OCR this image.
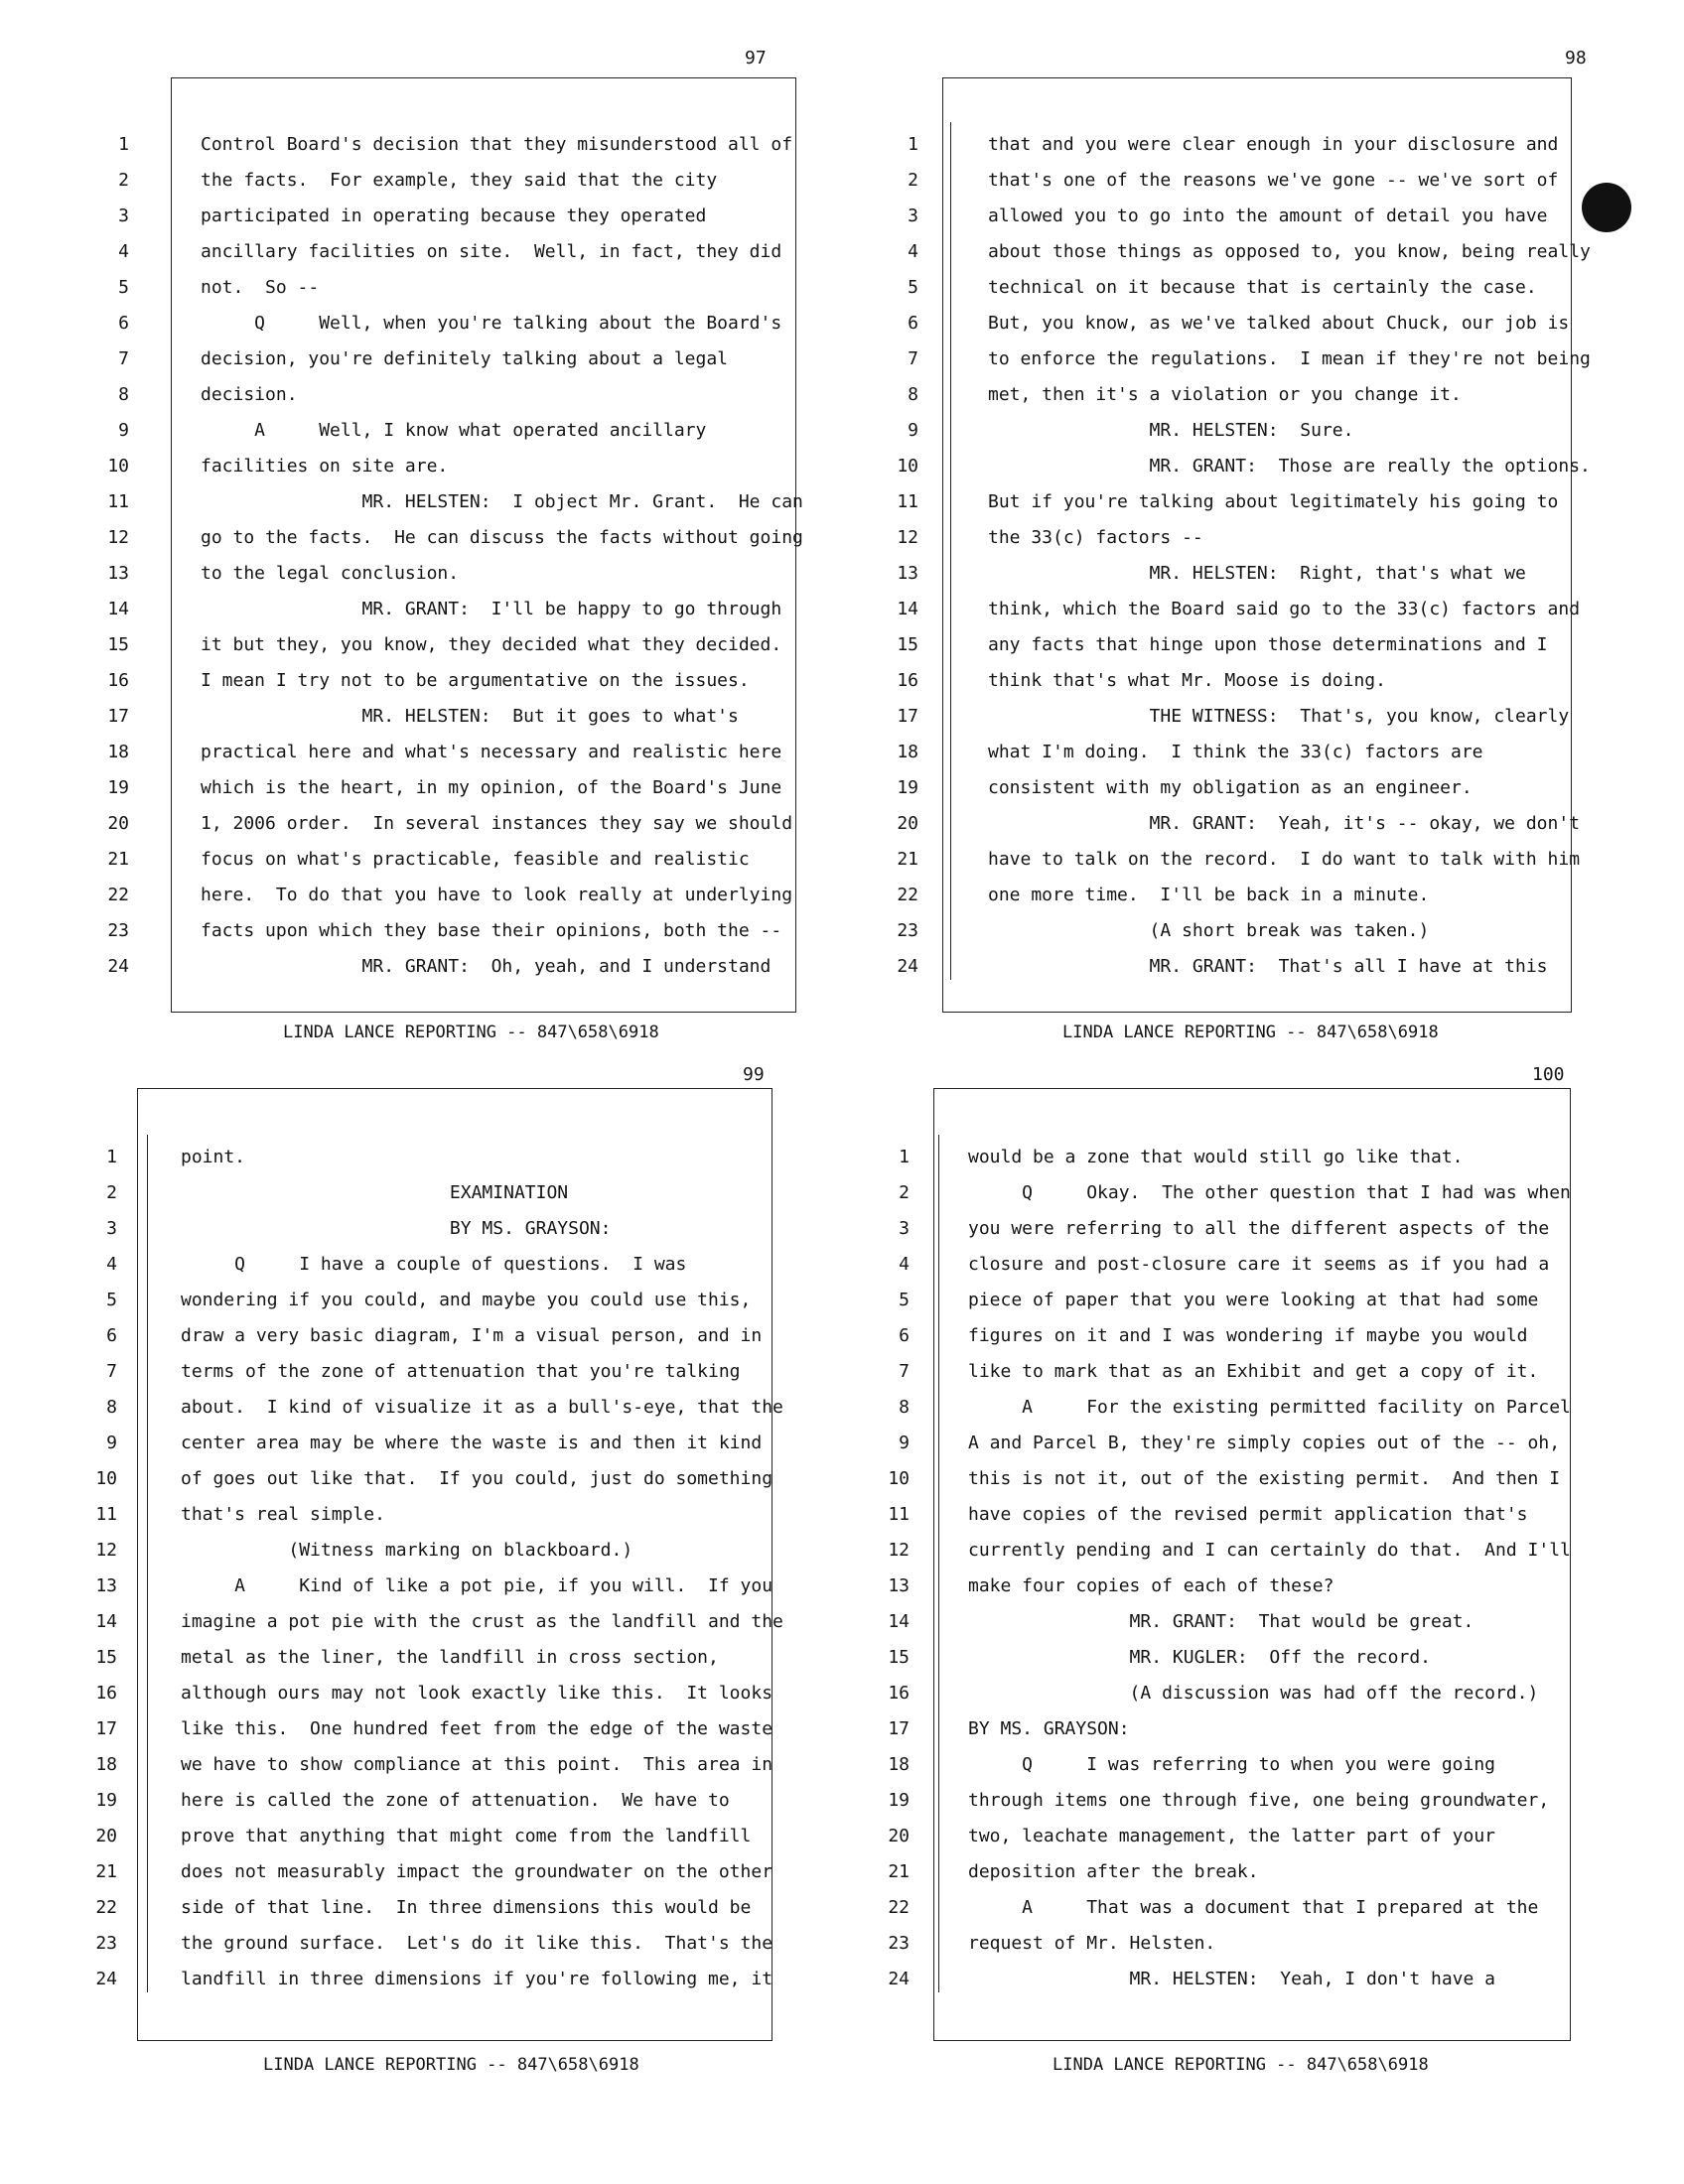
97
1	Control Board's decision that they misunderstood all of
2	the facts.  For example, they said that the city
3	participated in operating because they operated
4	ancillary facilities on site.  Well, in fact, they did
5	not.  So --
6	Q     Well, when you're talking about the Board's
7	decision, you're definitely talking about a legal
8	decision.
9	A     Well, I know what operated ancillary
10	facilities on site are.
11	MR. HELSTEN:  I object Mr. Grant.  He can
12	go to the facts.  He can discuss the facts without going
13	to the legal conclusion.
14	MR. GRANT:  I'll be happy to go through
15	it but they, you know, they decided what they decided.
16	I mean I try not to be argumentative on the issues.
17	MR. HELSTEN:  But it goes to what's
18	practical here and what's necessary and realistic here
19	which is the heart, in my opinion, of the Board's June
20	1, 2006 order.  In several instances they say we should
21	focus on what's practicable, feasible and realistic
22	here.  To do that you have to look really at underlying
23	facts upon which they base their opinions, both the --
24	MR. GRANT:  Oh, yeah, and I understand
LINDA LANCE REPORTING -- 847\658\6918
98
1	that and you were clear enough in your disclosure and
2	that's one of the reasons we've gone -- we've sort of
3	allowed you to go into the amount of detail you have
4	about those things as opposed to, you know, being really
5	technical on it because that is certainly the case.
6	But, you know, as we've talked about Chuck, our job is
7	to enforce the regulations.  I mean if they're not being
8	met, then it's a violation or you change it.
9	MR. HELSTEN:  Sure.
10	MR. GRANT:  Those are really the options.
11	But if you're talking about legitimately his going to
12	the 33(c) factors --
13	MR. HELSTEN:  Right, that's what we
14	think, which the Board said go to the 33(c) factors and
15	any facts that hinge upon those determinations and I
16	think that's what Mr. Moose is doing.
17	THE WITNESS:  That's, you know, clearly
18	what I'm doing.  I think the 33(c) factors are
19	consistent with my obligation as an engineer.
20	MR. GRANT:  Yeah, it's -- okay, we don't
21	have to talk on the record.  I do want to talk with him
22	one more time.  I'll be back in a minute.
23	(A short break was taken.)
24	MR. GRANT:  That's all I have at this
LINDA LANCE REPORTING -- 847\658\6918
99
1	point.
2	EXAMINATION
3	BY MS. GRAYSON:
4	Q     I have a couple of questions.  I was
5	wondering if you could, and maybe you could use this,
6	draw a very basic diagram, I'm a visual person, and in
7	terms of the zone of attenuation that you're talking
8	about.  I kind of visualize it as a bull's-eye, that the
9	center area may be where the waste is and then it kind
10	of goes out like that.  If you could, just do something
11	that's real simple.
12	(Witness marking on blackboard.)
13	A     Kind of like a pot pie, if you will.  If you
14	imagine a pot pie with the crust as the landfill and the
15	metal as the liner, the landfill in cross section,
16	although ours may not look exactly like this.  It looks
17	like this.  One hundred feet from the edge of the waste
18	we have to show compliance at this point.  This area in
19	here is called the zone of attenuation.  We have to
20	prove that anything that might come from the landfill
21	does not measurably impact the groundwater on the other
22	side of that line.  In three dimensions this would be
23	the ground surface.  Let's do it like this.  That's the
24	landfill in three dimensions if you're following me, it
LINDA LANCE REPORTING -- 847\658\6918
100
1	would be a zone that would still go like that.
2	Q     Okay.  The other question that I had was when
3	you were referring to all the different aspects of the
4	closure and post-closure care it seems as if you had a
5	piece of paper that you were looking at that had some
6	figures on it and I was wondering if maybe you would
7	like to mark that as an Exhibit and get a copy of it.
8	A     For the existing permitted facility on Parcel
9	A and Parcel B, they're simply copies out of the -- oh,
10	this is not it, out of the existing permit.  And then I
11	have copies of the revised permit application that's
12	currently pending and I can certainly do that.  And I'll
13	make four copies of each of these?
14	MR. GRANT:  That would be great.
15	MR. KUGLER:  Off the record.
16	(A discussion was had off the record.)
17	BY MS. GRAYSON:
18	Q     I was referring to when you were going
19	through items one through five, one being groundwater,
20	two, leachate management, the latter part of your
21	deposition after the break.
22	A     That was a document that I prepared at the
23	request of Mr. Helsten.
24	MR. HELSTEN:  Yeah, I don't have a
LINDA LANCE REPORTING -- 847\658\6918
